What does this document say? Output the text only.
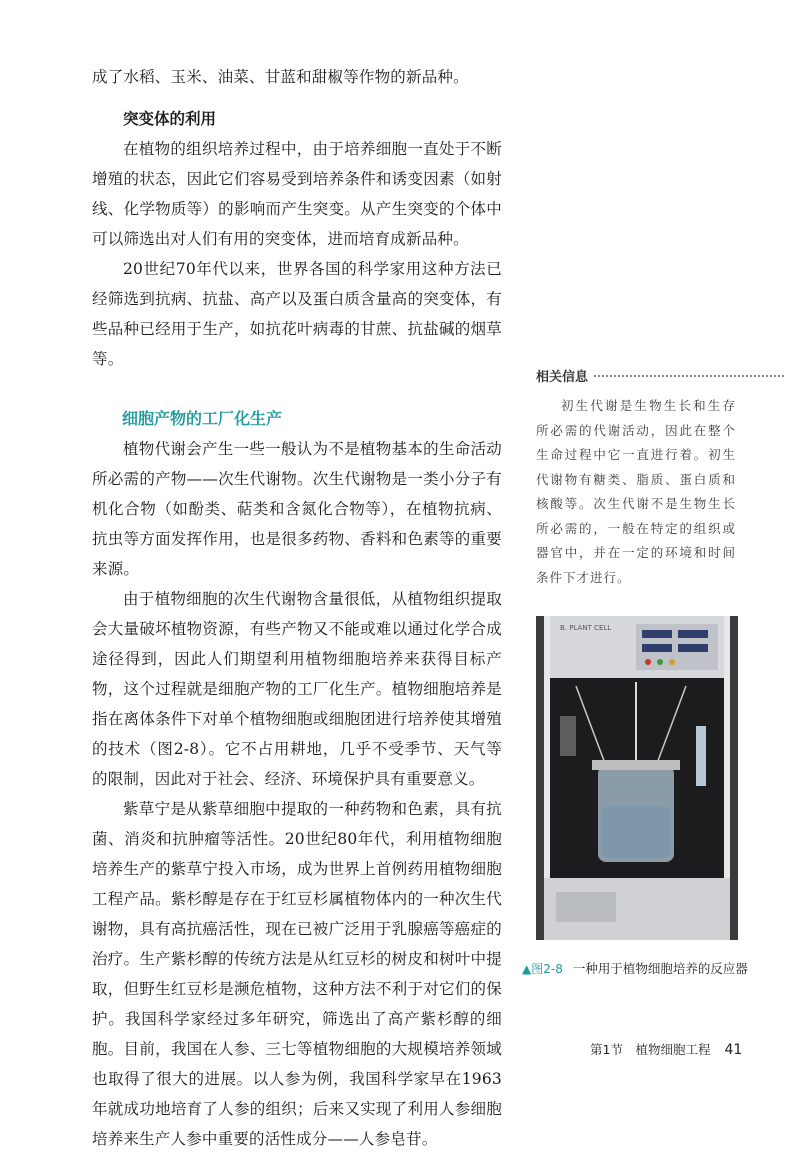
成了水稻、玉米、油菜、甘蓝和甜椒等作物的新品种。

突变体的利用

在植物的组织培养过程中，由于培养细胞一直处于不断增殖的状态，因此它们容易受到培养条件和诱变因素（如射线、化学物质等）的影响而产生突变。从产生突变的个体中可以筛选出对人们有用的突变体，进而培育成新品种。

20世纪70年代以来，世界各国的科学家用这种方法已经筛选到抗病、抗盐、高产以及蛋白质含量高的突变体，有些品种已经用于生产，如抗花叶病毒的甘蔗、抗盐碱的烟草等。

细胞产物的工厂化生产

植物代谢会产生一些一般认为不是植物基本的生命活动所必需的产物——次生代谢物。次生代谢物是一类小分子有机化合物（如酚类、萜类和含氮化合物等），在植物抗病、抗虫等方面发挥作用，也是很多药物、香料和色素等的重要来源。

由于植物细胞的次生代谢物含量很低，从植物组织提取会大量破坏植物资源，有些产物又不能或难以通过化学合成途径得到，因此人们期望利用植物细胞培养来获得目标产物，这个过程就是细胞产物的工厂化生产。植物细胞培养是指在离体条件下对单个植物细胞或细胞团进行培养使其增殖的技术（图2-8）。它不占用耕地，几乎不受季节、天气等的限制，因此对于社会、经济、环境保护具有重要意义。

紫草宁是从紫草细胞中提取的一种药物和色素，具有抗菌、消炎和抗肿瘤等活性。20世纪80年代，利用植物细胞培养生产的紫草宁投入市场，成为世界上首例药用植物细胞工程产品。紫杉醇是存在于红豆杉属植物体内的一种次生代谢物，具有高抗癌活性，现在已被广泛用于乳腺癌等癌症的治疗。生产紫杉醇的传统方法是从红豆杉的树皮和树叶中提取，但野生红豆杉是濒危植物，这种方法不利于对它们的保护。我国科学家经过多年研究，筛选出了高产紫杉醇的细胞。目前，我国在人参、三七等植物细胞的大规模培养领域也取得了很大的进展。以人参为例，我国科学家早在1963年就成功地培育了人参的组织；后来又实现了利用人参细胞培养来生产人参中重要的活性成分——人参皂苷。

相关信息

初生代谢是生物生长和生存所必需的代谢活动，因此在整个生命过程中它一直进行着。初生代谢物有糖类、脂质、蛋白质和核酸等。次生代谢不是生物生长所必需的，一般在特定的组织或器官中，并在一定的环境和时间条件下才进行。

B. PLANT CELL
▲图2-8 一种用于植物细胞培养的反应器
第1节　植物细胞工程 41
